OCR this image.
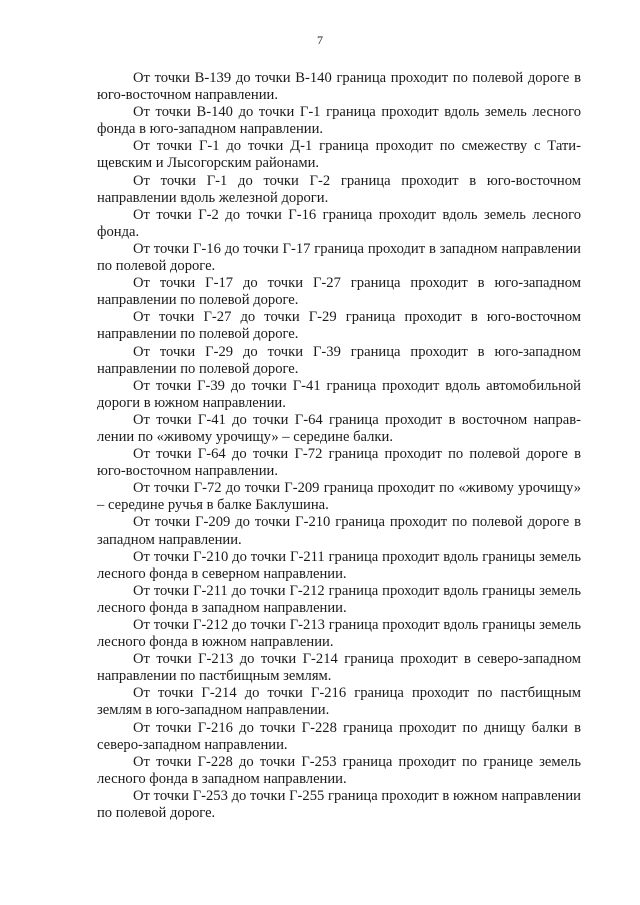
7

От точки В-139 до точки В-140 граница проходит по полевой дороге в юго-восточном направлении.

От точки В-140 до точки Г-1 граница проходит вдоль земель лесного фонда в юго-западном направлении.

От точки Г-1 до точки Д-1 граница проходит по смежеству с Татищевским и Лысогорским районами.

От точки Г-1 до точки Г-2 граница проходит в юго-восточном направлении вдоль железной дороги.

От точки Г-2 до точки Г-16 граница проходит вдоль земель лесного фонда.

От точки Г-16 до точки Г-17 граница проходит в западном направлении по полевой дороге.

От точки Г-17 до точки Г-27 граница проходит в юго-западном направлении по полевой дороге.

От точки Г-27 до точки Г-29 граница проходит в юго-восточном направлении по полевой дороге.

От точки Г-29 до точки Г-39 граница проходит в юго-западном направлении по полевой дороге.

От точки Г-39 до точки Г-41 граница проходит вдоль автомобильной дороги в южном направлении.

От точки Г-41 до точки Г-64 граница проходит в восточном направлении по «живому урочищу» – середине балки.

От точки Г-64 до точки Г-72 граница проходит по полевой дороге в юго-восточном направлении.

От точки Г-72 до точки Г-209 граница проходит по «живому урочищу» – середине ручья в балке Баклушина.

От точки Г-209 до точки Г-210 граница проходит по полевой дороге в западном направлении.

От точки Г-210 до точки Г-211 граница проходит вдоль границы земель лесного фонда в северном направлении.

От точки Г-211 до точки Г-212 граница проходит вдоль границы земель лесного фонда в западном направлении.

От точки Г-212 до точки Г-213 граница проходит вдоль границы земель лесного фонда в южном направлении.

От точки Г-213 до точки Г-214 граница проходит в северо-западном направлении по пастбищным землям.

От точки Г-214 до точки Г-216 граница проходит по пастбищным землям в юго-западном направлении.

От точки Г-216 до точки Г-228 граница проходит по днищу балки в северо-западном направлении.

От точки Г-228 до точки Г-253 граница проходит по границе земель лесного фонда в западном направлении.

От точки Г-253 до точки Г-255 граница проходит в южном направлении по полевой дороге.
